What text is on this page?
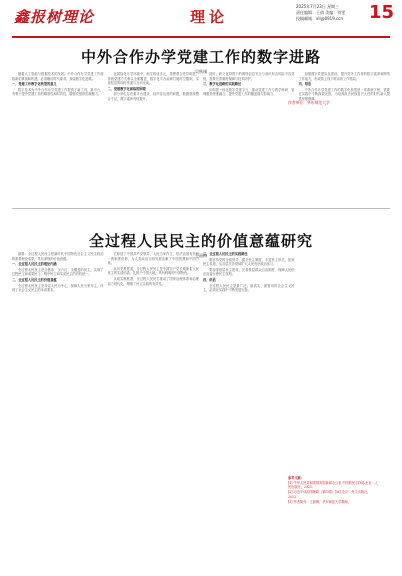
鑫报树理论	理论
2025年7月23日 星期三
责任编辑：王倩 美编：刘雯
投稿邮箱：xll@0919.ccn	15
中外合作办学党建工作的数字进路
吴秋瑾

随着人工智能与数据技术的发展，中外合作办学党建工作面临新的挑战和机遇，必须顺应时代要求，探索数字化进路。

一、党建工作数字化转型的意义

数字技术为中外合作办学党建工作提供了新工具、新平台，有利于提升党建工作的精准性和时效性，增强党组织的凝聚力。

在国际化办学环境中，师生构成多元，思想观念差异明显，传统党建方式难以全面覆盖，数字化平台能够打破时空限制，实现信息的即时传递与互动交流。

二、党建数字化面临的困境

部分单位存在重平台建设、轻内容运营的问题，数据资源整合不足，数字素养有待提升。

同时，跨文化背景下的网络信息安全与意识形态风险不容忽视，需要完善制度保障与技术防护。

三、数字化进路的实践路径

应构建一体化数字党建平台，推动党建工作与教学科研、管理服务深度融合，提升党建工作的覆盖面与影响力。

加强数字党建队伍建设，提升党务工作者的数字素养和网络工作能力，形成线上线下联动的工作格局。

四、结语

中外合作办学党建工作的数字化转型是一项系统工程，需要在实践中不断探索完善，为培养担当民族复兴大任的时代新人提供坚强保障。

作者单位：华东师范大学
全过程人民民主的价值意蕴研究
王丽梅

摘要：全过程人民民主是新时代中国特色社会主义民主政治的重要理论成果，具有深刻的价值意蕴。

一、全过程人民民主的理论内涵

全过程人民民主是全链条、全方位、全覆盖的民主，实现了过程民主和成果民主、程序民主和实质民主的有机统一。

二、全过程人民民主的价值意蕴

全过程人民民主坚持以人民为中心，保障人民当家作主，体现了社会主义民主的本质要求。

它彰显了中国共产党领导、人民当家作主、依法治国有机统一的制度优势，为人类政治文明发展贡献了中国智慧和中国方案。

从历史维度看，全过程人民民主是中国共产党长期探索人民民主的实践结晶，扎根于中国大地，具有鲜明的中国特色。

从现实维度看，全过程人民民主推动了国家治理体系和治理能力现代化，增强了民主实践的有效性。

三、全过程人民民主的实践路径

要坚持党的全面领导，健全民主制度，丰富民主形式，拓宽民主渠道，从各层次各领域扩大人民有序政治参与。

要加强基层民主建设，完善基层群众自治制度，保障人民依法直接行使民主权利。

四、结语

全过程人民民主是最广泛、最真实、最管用的社会主义民主，必须在实践中不断发展完善。

参考文献：
[1] 中华人民共和国国务院新闻办公室.中国的民主[M].北京：人民出版社，2021.
[2] 习近平谈治国理政（第四卷）[M].北京：外文出版社，2022.
[3] 作者简介：王丽梅，华东师范大学教师。
